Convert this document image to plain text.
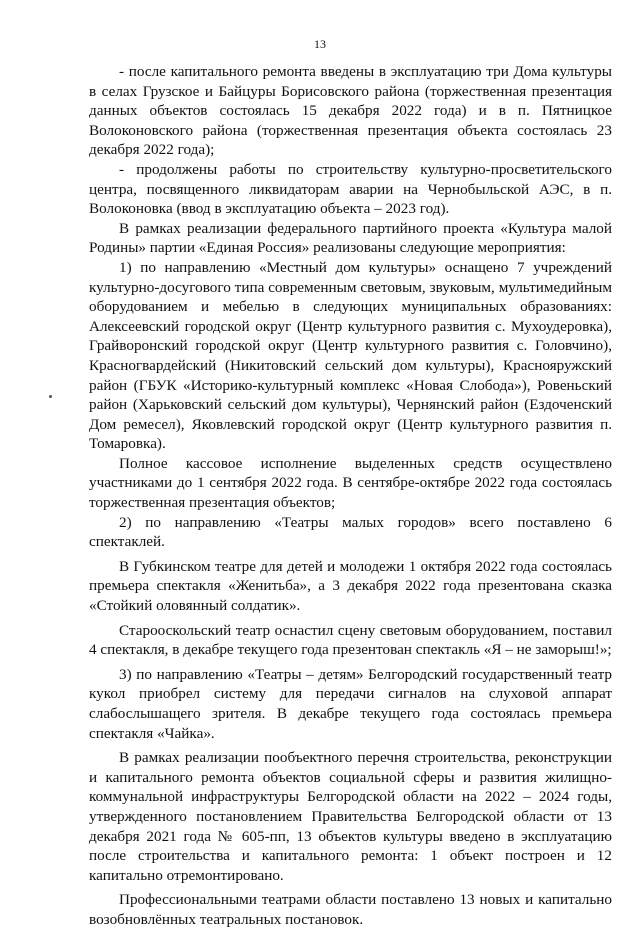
13

- после капитального ремонта введены в эксплуатацию три Дома культуры в селах Грузское и Байцуры Борисовского района (торжественная презентация данных объектов состоялась 15 декабря 2022 года) и в п. Пятницкое Волоконовского района (торжественная презентация объекта состоялась 23 декабря 2022 года);

- продолжены работы по строительству культурно-просветительского центра, посвященного ликвидаторам аварии на Чернобыльской АЭС, в п. Волоконовка (ввод в эксплуатацию объекта – 2023 год).

В рамках реализации федерального партийного проекта «Культура малой Родины» партии «Единая Россия» реализованы следующие мероприятия:

1) по направлению «Местный дом культуры» оснащено 7 учреждений культурно-досугового типа современным световым, звуковым, мультимедийным оборудованием и мебелью в следующих муниципальных образованиях: Алексеевский городской округ (Центр культурного развития с. Мухоудеровка), Грайворонский городской округ (Центр культурного развития с. Головчино), Красногвардейский (Никитовский сельский дом культуры), Краснояружский район (ГБУК «Историко-культурный комплекс «Новая Слобода»), Ровеньский район (Харьковский сельский дом культуры), Чернянский район (Ездоченский Дом ремесел), Яковлевский городской округ (Центр культурного развития п. Томаровка).

Полное кассовое исполнение выделенных средств осуществлено участниками до 1 сентября 2022 года. В сентябре-октябре 2022 года состоялась торжественная презентация объектов;

2) по направлению «Театры малых городов» всего поставлено 6 спектаклей.

В Губкинском театре для детей и молодежи 1 октября 2022 года состоялась премьера спектакля «Женитьба», а 3 декабря 2022 года презентована сказка «Стойкий оловянный солдатик».

Старооскольский театр оснастил сцену световым оборудованием, поставил 4 спектакля, в декабре текущего года презентован спектакль «Я – не заморыш!»;

3) по направлению «Театры – детям» Белгородский государственный театр кукол приобрел систему для передачи сигналов на слуховой аппарат слабослышащего зрителя. В декабре текущего года состоялась премьера спектакля «Чайка».

В рамках реализации пообъектного перечня строительства, реконструкции и капитального ремонта объектов социальной сферы и развития жилищно-коммунальной инфраструктуры Белгородской области на 2022 – 2024 годы, утвержденного постановлением Правительства Белгородской области от 13 декабря 2021 года № 605-пп, 13 объектов культуры введено в эксплуатацию после строительства и капитального ремонта: 1 объект построен и 12 капитально отремонтировано.

Профессиональными театрами области поставлено 13 новых и капитально возобновлённых театральных постановок.
